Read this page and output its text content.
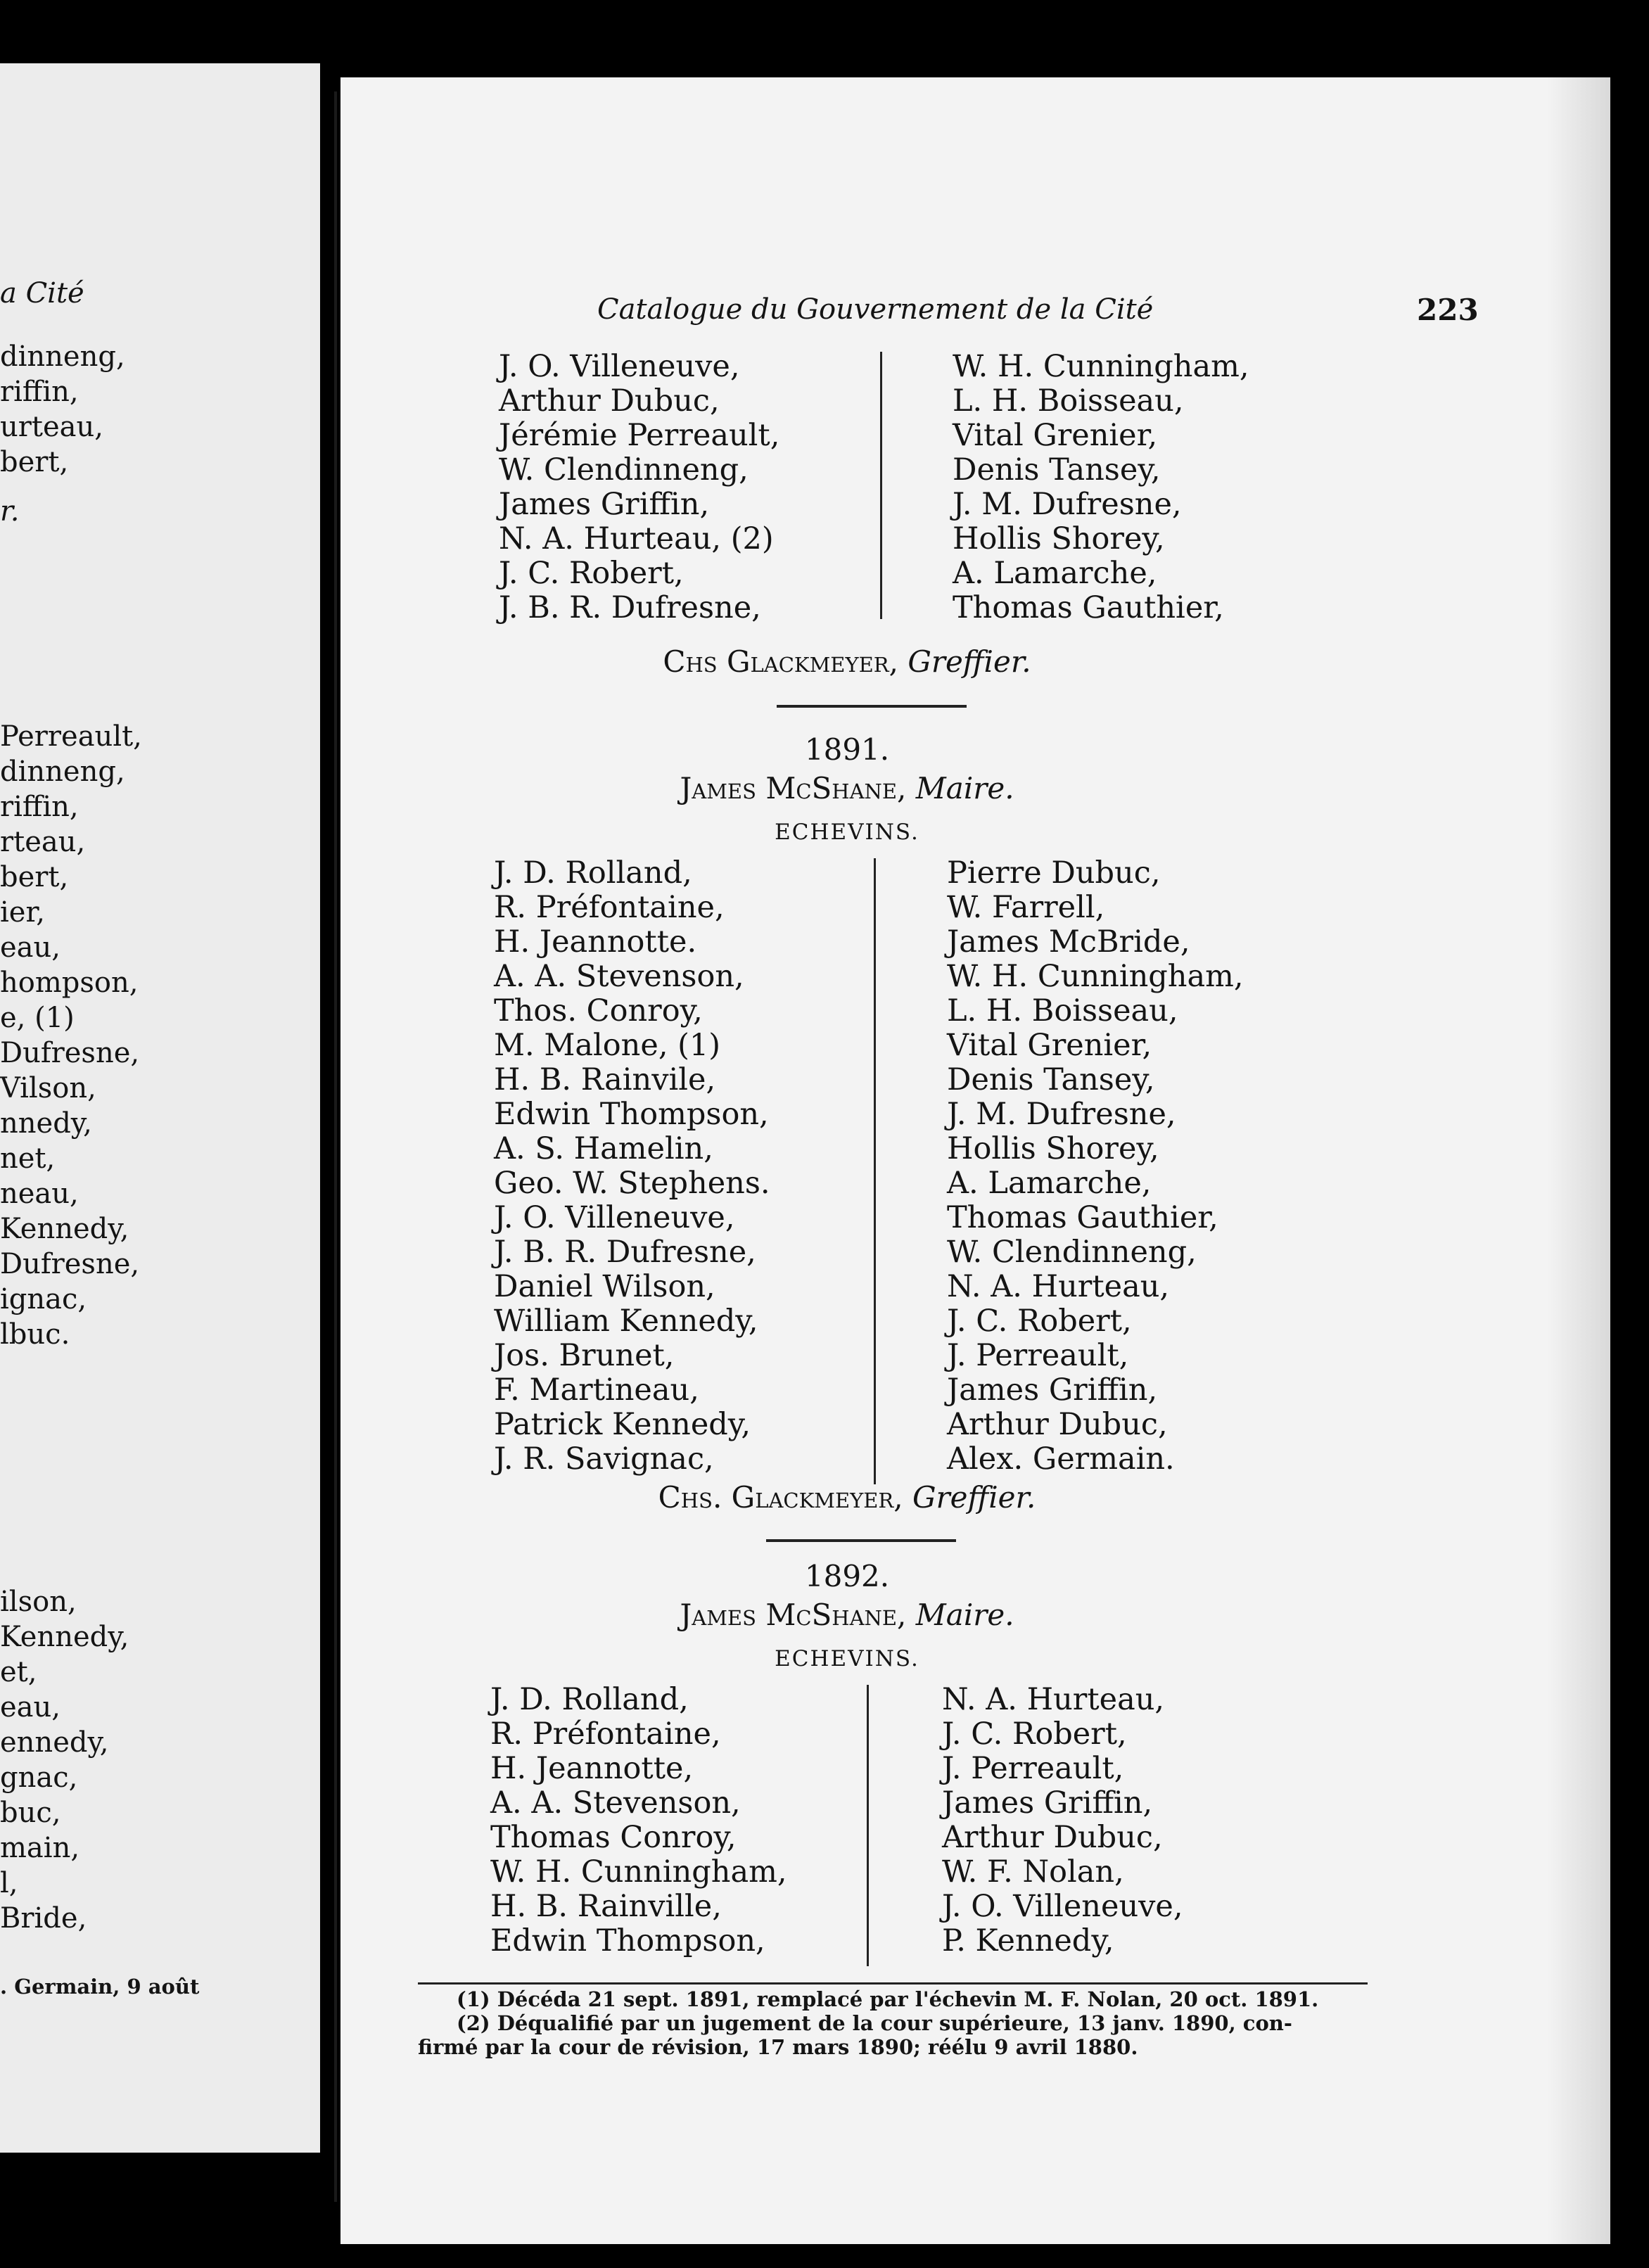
a Cité
dinneng,
riffin,
urteau,
bert,
r.
Perreault,
dinneng,
riffin,
rteau,
bert,
ier,
eau,
hompson,
e, (1)
Dufresne,
Vilson,
nnedy,
net,
neau,
Kennedy,
Dufresne,
ignac,
lbuc.
ilson,
Kennedy,
et,
eau,
ennedy,
gnac,
buc,
main,
l,
Bride,
. Germain, 9 août
Catalogue du Gouvernement de la Cité	223
J. O. Villeneuve,
Arthur Dubuc,
Jérémie Perreault,
W. Clendinneng,
James Griffin,
N. A. Hurteau, (2)
J. C. Robert,
J. B. R. Dufresne,
W. H. Cunningham,
L. H. Boisseau,
Vital Grenier,
Denis Tansey,
J. M. Dufresne,
Hollis Shorey,
A. Lamarche,
Thomas Gauthier,
Chs Glackmeyer, Greffier.
1891.
James McShane, Maire.
ECHEVINS.
J. D. Rolland,
R. Préfontaine,
H. Jeannotte.
A. A. Stevenson,
Thos. Conroy,
M. Malone, (1)
H. B. Rainvile,
Edwin Thompson,
A. S. Hamelin,
Geo. W. Stephens.
J. O. Villeneuve,
J. B. R. Dufresne,
Daniel Wilson,
William Kennedy,
Jos. Brunet,
F. Martineau,
Patrick Kennedy,
J. R. Savignac,
Pierre Dubuc,
W. Farrell,
James McBride,
W. H. Cunningham,
L. H. Boisseau,
Vital Grenier,
Denis Tansey,
J. M. Dufresne,
Hollis Shorey,
A. Lamarche,
Thomas Gauthier,
W. Clendinneng,
N. A. Hurteau,
J. C. Robert,
J. Perreault,
James Griffin,
Arthur Dubuc,
Alex. Germain.
Chs. Glackmeyer, Greffier.
1892.
James McShane, Maire.
ECHEVINS.
J. D. Rolland,
R. Préfontaine,
H. Jeannotte,
A. A. Stevenson,
Thomas Conroy,
W. H. Cunningham,
H. B. Rainville,
Edwin Thompson,
N. A. Hurteau,
J. C. Robert,
J. Perreault,
James Griffin,
Arthur Dubuc,
W. F. Nolan,
J. O. Villeneuve,
P. Kennedy,
(1) Décéda 21 sept. 1891, remplacé par l'échevin M. F. Nolan, 20 oct. 1891.
(2) Déqualifié par un jugement de la cour supérieure, 13 janv. 1890, con-
firmé par la cour de révision, 17 mars 1890; réélu 9 avril 1880.
